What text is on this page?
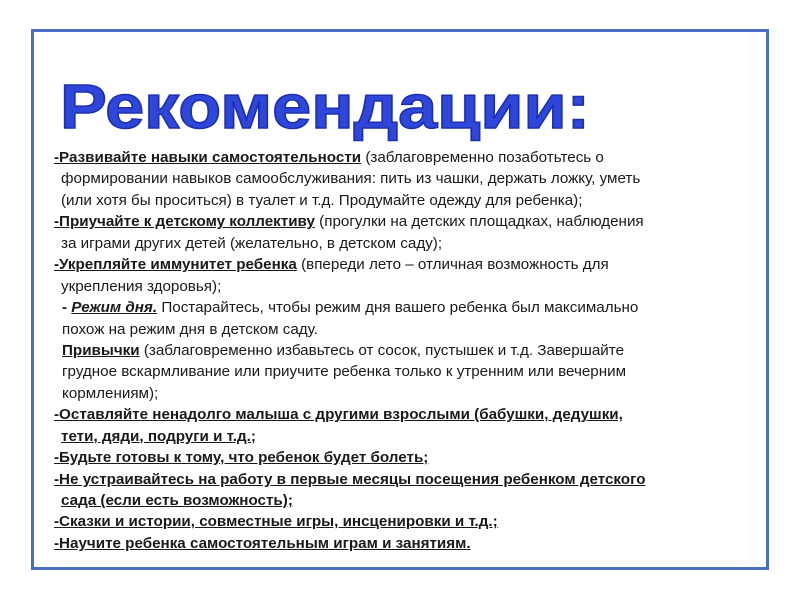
Рекомендации:
-Развивайте навыки самостоятельности (заблаговременно позаботьтесь о
формировании навыков самообслуживания: пить из чашки, держать ложку, уметь
(или хотя бы проситься) в туалет и т.д. Продумайте одежду для ребенка);
-Приучайте к детскому коллективу (прогулки на детских площадках, наблюдения
за играми других детей (желательно, в детском саду);
-Укрепляйте иммунитет ребенка (впереди лето – отличная возможность для
укрепления здоровья);
- Режим дня. Постарайтесь, чтобы режим дня вашего ребенка был максимально
похож на режим дня в детском саду.
Привычки (заблаговременно избавьтесь от сосок, пустышек и т.д. Завершайте
грудное вскармливание или приучите ребенка только к утренним или вечерним
кормлениям);
-Оставляйте ненадолго малыша с другими взрослыми (бабушки, дедушки,
тети, дяди, подруги и т.д.;
-Будьте готовы к тому, что ребенок будет болеть;
-Не устраивайтесь на работу в первые месяцы посещения ребенком детского
сада (если есть возможность);
-Сказки и истории, совместные игры, инсценировки и т.д.;
-Научите ребенка самостоятельным играм и занятиям.
